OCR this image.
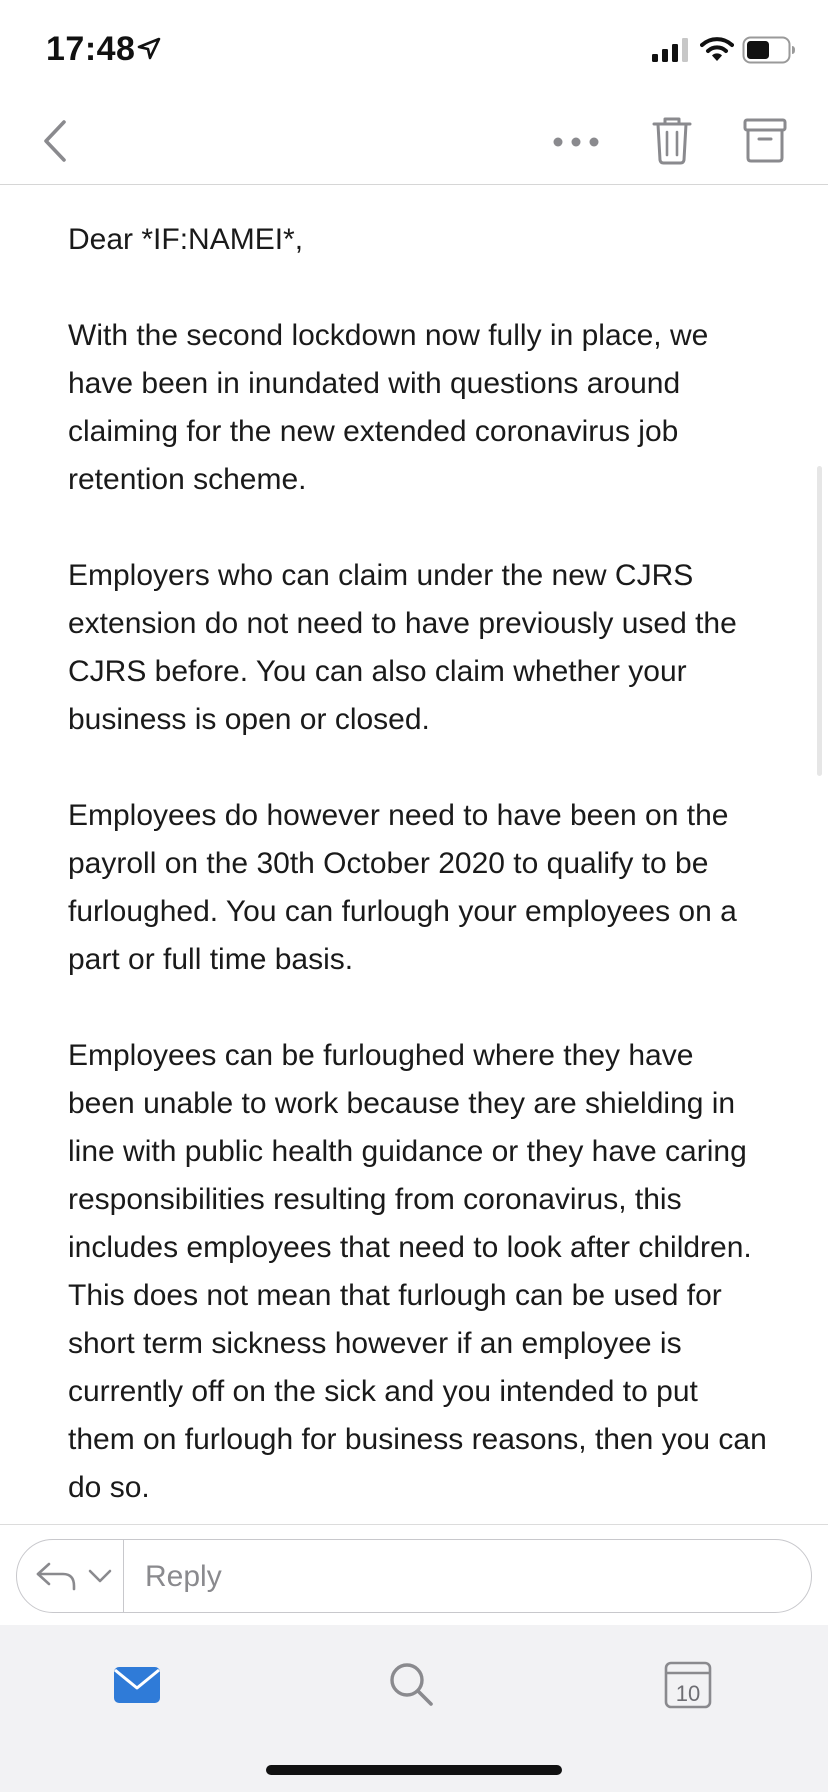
17:48

Dear *IF:NAMEI*,

With the second lockdown now fully in place, we have been in inundated with questions around claiming for the new extended coronavirus job retention scheme.

Employers who can claim under the new CJRS extension do not need to have previously used the CJRS before. You can also claim whether your business is open or closed.

Employees do however need to have been on the payroll on the 30th October 2020 to qualify to be furloughed. You can furlough your employees on a part or full time basis.

Employees can be furloughed where they have been unable to work because they are shielding in line with public health guidance or they have caring responsibilities resulting from coronavirus, this includes employees that need to look after children.

This does not mean that furlough can be used for short term sickness however if an employee is currently off on the sick and you intended to put them on furlough for business reasons, then you can do so.

Reply
10
